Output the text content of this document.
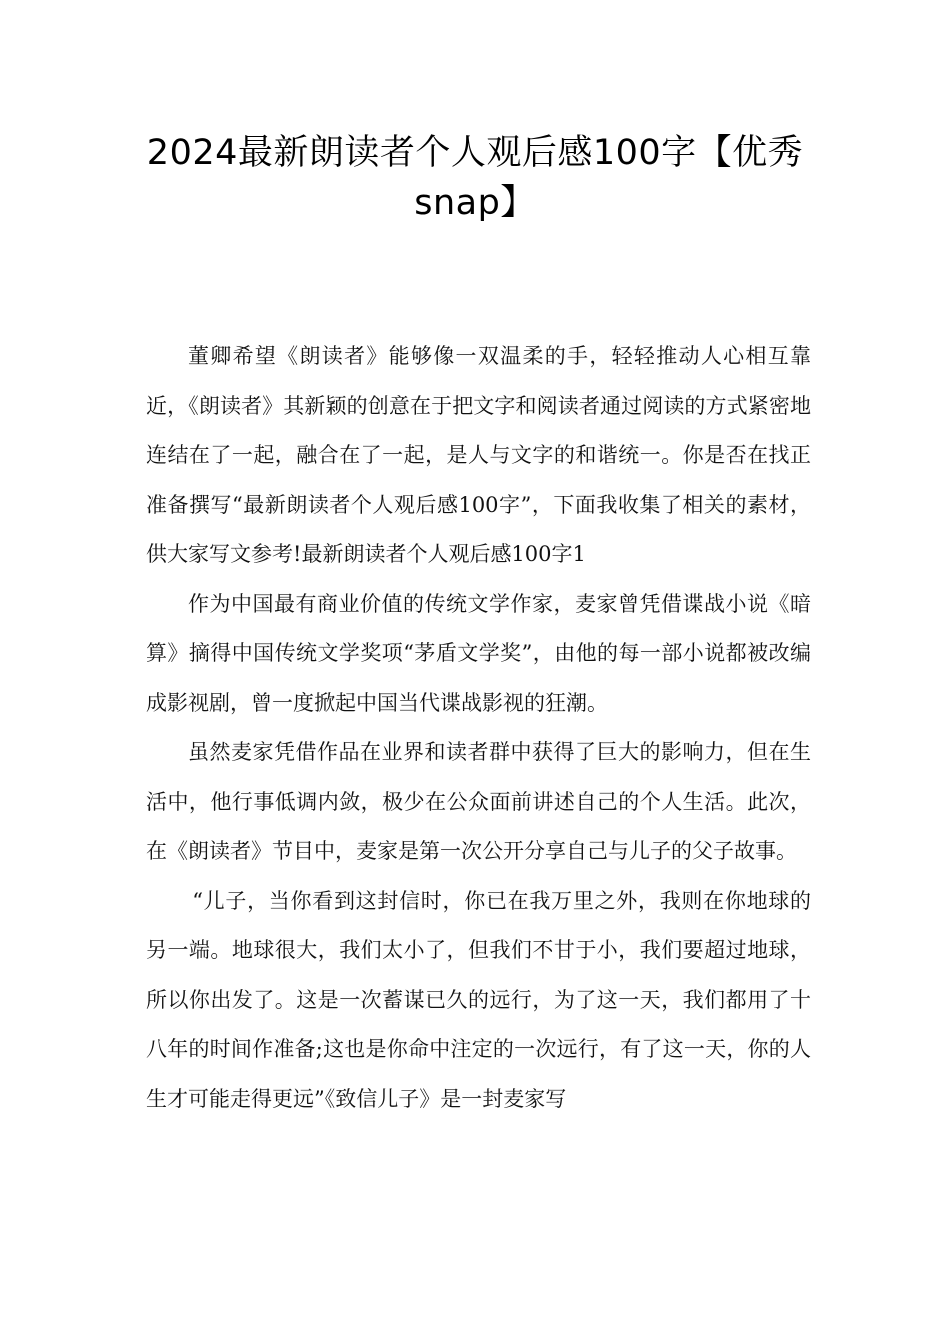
2024最新朗读者个人观后感100字【优秀snap】

董卿希望《朗读者》能够像一双温柔的手，轻轻推动人心相互靠近，《朗读者》其新颖的创意在于把文字和阅读者通过阅读的方式紧密地连结在了一起，融合在了一起，是人与文字的和谐统一。你是否在找正准备撰写“最新朗读者个人观后感100字”，下面我收集了相关的素材，供大家写文参考!最新朗读者个人观后感100字1

作为中国最有商业价值的传统文学作家，麦家曾凭借谍战小说《暗算》摘得中国传统文学奖项“茅盾文学奖”，由他的每一部小说都被改编成影视剧，曾一度掀起中国当代谍战影视的狂潮。

虽然麦家凭借作品在业界和读者群中获得了巨大的影响力，但在生活中，他行事低调内敛，极少在公众面前讲述自己的个人生活。此次，在《朗读者》节目中，麦家是第一次公开分享自己与儿子的父子故事。

“儿子，当你看到这封信时，你已在我万里之外，我则在你地球的另一端。地球很大，我们太小了，但我们不甘于小，我们要超过地球，所以你出发了。这是一次蓄谋已久的远行，为了这一天，我们都用了十八年的时间作准备;这也是你命中注定的一次远行，有了这一天，你的人生才可能走得更远”《致信儿子》是一封麦家写
